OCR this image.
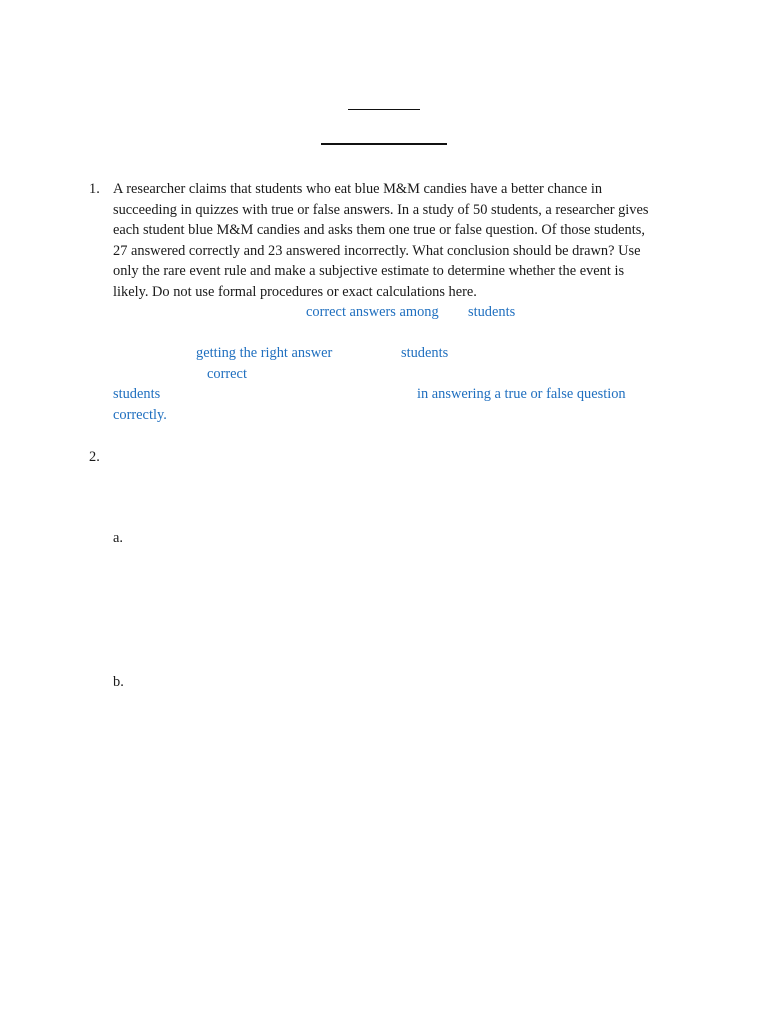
1. A researcher claims that students who eat blue M&M candies have a better chance in
succeeding in quizzes with true or false answers. In a study of 50 students, a researcher gives
each student blue M&M candies and asks them one true or false question. Of those students,
27 answered correctly and 23 answered incorrectly. What conclusion should be drawn? Use
only the rare event rule and make a subjective estimate to determine whether the event is
likely. Do not use formal procedures or exact calculations here.
correct answers among students
getting the right answer	students
correct
students	in answering a true or false question
correctly.
2.
a.
b.
